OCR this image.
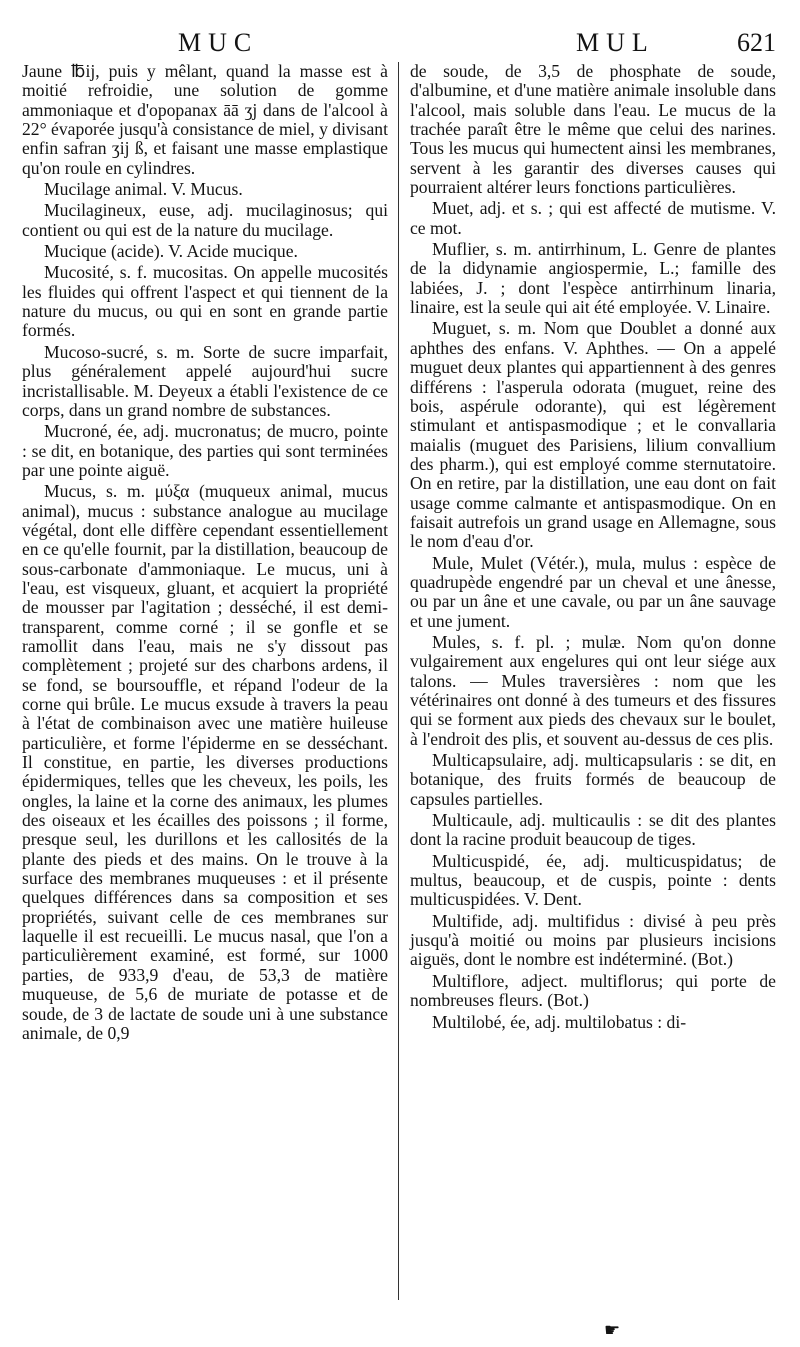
MUC	MUL	621

Jaune ℔ij, puis y mêlant, quand la masse est à moitié refroidie, une solution de gomme ammoniaque et d'opopanax āā ʒj dans de l'alcool à 22° évaporée jusqu'à consistance de miel, y divisant enfin safran ʒij ß, et faisant une masse emplastique qu'on roule en cylindres.

Mucilage animal. V. Mucus.

Mucilagineux, euse, adj. mucilaginosus; qui contient ou qui est de la nature du mucilage.

Mucique (acide). V. Acide mucique.

Mucosité, s. f. mucositas. On appelle mucosités les fluides qui offrent l'aspect et qui tiennent de la nature du mucus, ou qui en sont en grande partie formés.

Mucoso-sucré, s. m. Sorte de sucre imparfait, plus généralement appelé aujourd'hui sucre incristallisable. M. Deyeux a établi l'existence de ce corps, dans un grand nombre de substances.

Mucroné, ée, adj. mucronatus; de mucro, pointe : se dit, en botanique, des parties qui sont terminées par une pointe aiguë.

Mucus, s. m. μύξα (muqueux animal, mucus animal), mucus : substance analogue au mucilage végétal, dont elle diffère cependant essentiellement en ce qu'elle fournit, par la distillation, beaucoup de sous-carbonate d'ammoniaque. Le mucus, uni à l'eau, est visqueux, gluant, et acquiert la propriété de mousser par l'agitation ; desséché, il est demi-transparent, comme corné ; il se gonfle et se ramollit dans l'eau, mais ne s'y dissout pas complètement ; projeté sur des charbons ardens, il se fond, se boursouffle, et répand l'odeur de la corne qui brûle. Le mucus exsude à travers la peau à l'état de combinaison avec une matière huileuse particulière, et forme l'épiderme en se desséchant. Il constitue, en partie, les diverses productions épidermiques, telles que les cheveux, les poils, les ongles, la laine et la corne des animaux, les plumes des oiseaux et les écailles des poissons ; il forme, presque seul, les durillons et les callosités de la plante des pieds et des mains. On le trouve à la surface des membranes muqueuses : et il présente quelques différences dans sa composition et ses propriétés, suivant celle de ces membranes sur laquelle il est recueilli. Le mucus nasal, que l'on a particulièrement examiné, est formé, sur 1000 parties, de 933,9 d'eau, de 53,3 de matière muqueuse, de 5,6 de muriate de potasse et de soude, de 3 de lactate de soude uni à une substance animale, de 0,9

de soude, de 3,5 de phosphate de soude, d'albumine, et d'une matière animale insoluble dans l'alcool, mais soluble dans l'eau. Le mucus de la trachée paraît être le même que celui des narines. Tous les mucus qui humectent ainsi les membranes, servent à les garantir des diverses causes qui pourraient altérer leurs fonctions particulières.

Muet, adj. et s. ; qui est affecté de mutisme. V. ce mot.

Muflier, s. m. antirrhinum, L. Genre de plantes de la didynamie angiospermie, L.; famille des labiées, J. ; dont l'espèce antirrhinum linaria, linaire, est la seule qui ait été employée. V. Linaire.

Muguet, s. m. Nom que Doublet a donné aux aphthes des enfans. V. Aphthes. — On a appelé muguet deux plantes qui appartiennent à des genres différens : l'asperula odorata (muguet, reine des bois, aspérule odorante), qui est légèrement stimulant et antispasmodique ; et le convallaria maialis (muguet des Parisiens, lilium convallium des pharm.), qui est employé comme sternutatoire. On en retire, par la distillation, une eau dont on fait usage comme calmante et antispasmodique. On en faisait autrefois un grand usage en Allemagne, sous le nom d'eau d'or.

Mule, Mulet (Vétér.), mula, mulus : espèce de quadrupède engendré par un cheval et une ânesse, ou par un âne et une cavale, ou par un âne sauvage et une jument.

Mules, s. f. pl. ; mulæ. Nom qu'on donne vulgairement aux engelures qui ont leur siége aux talons. — Mules traversières : nom que les vétérinaires ont donné à des tumeurs et des fissures qui se forment aux pieds des chevaux sur le boulet, à l'endroit des plis, et souvent au-dessus de ces plis.

Multicapsulaire, adj. multicapsularis : se dit, en botanique, des fruits formés de beaucoup de capsules partielles.

Multicaule, adj. multicaulis : se dit des plantes dont la racine produit beaucoup de tiges.

Multicuspidé, ée, adj. multicuspidatus; de multus, beaucoup, et de cuspis, pointe : dents multicuspidées. V. Dent.

Multifide, adj. multifidus : divisé à peu près jusqu'à moitié ou moins par plusieurs incisions aiguës, dont le nombre est indéterminé. (Bot.)

Multiflore, adject. multiflorus; qui porte de nombreuses fleurs. (Bot.)

Multilobé, ée, adj. multilobatus : di-

☛
